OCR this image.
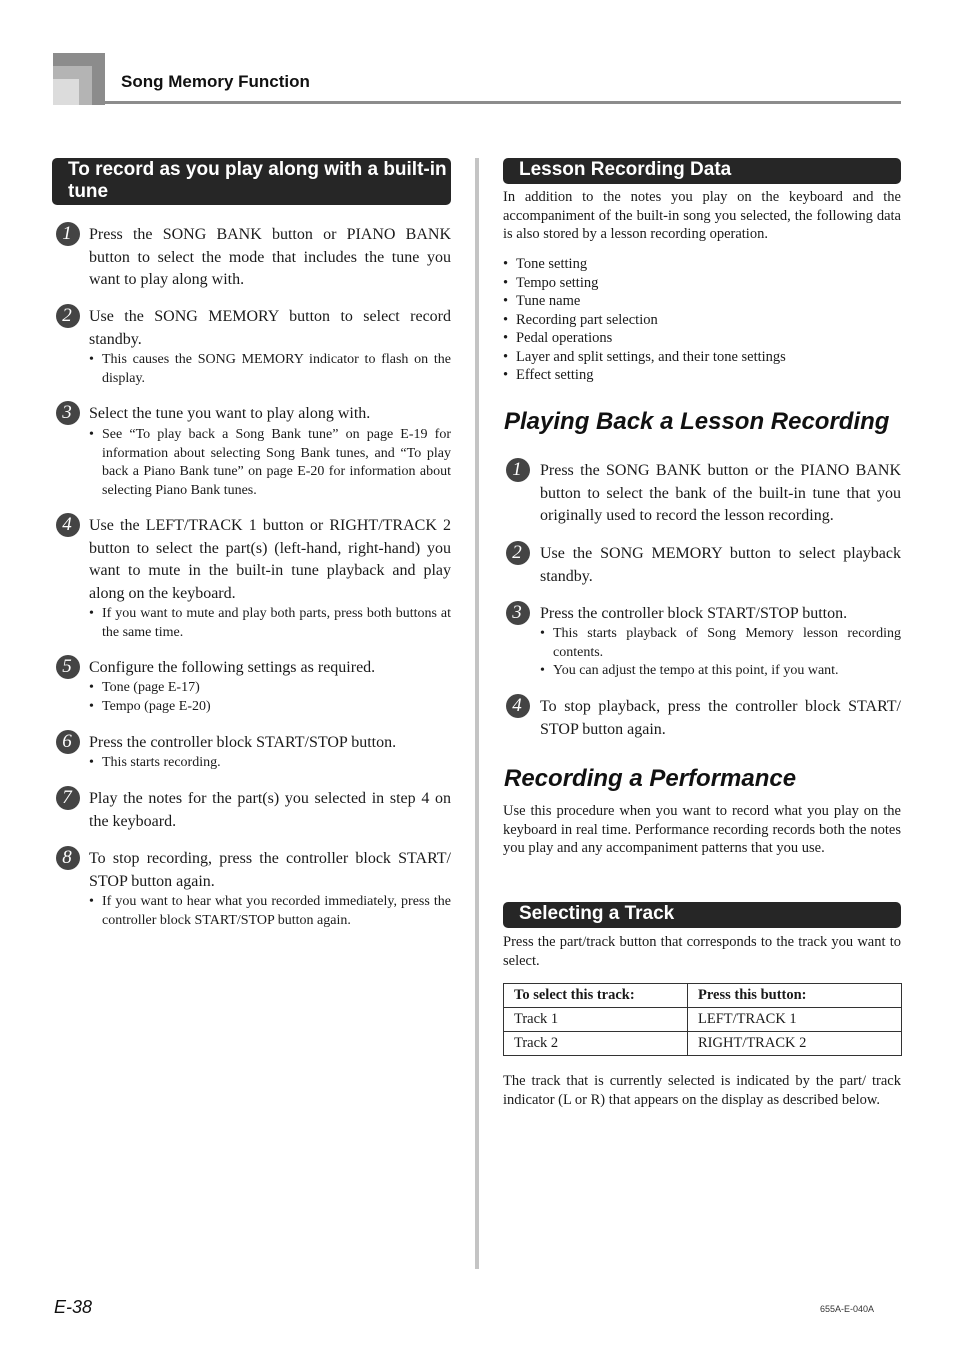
Song Memory Function
To record as you play along with a built-in tune
1	Press the SONG BANK button or PIANO BANK button to select the mode that includes the tune you want to play along with.
2	Use the SONG MEMORY button to select record standby.
• This causes the SONG MEMORY indicator to flash on the display.
3	Select the tune you want to play along with.
• See “To play back a Song Bank tune” on page E-19 for information about selecting Song Bank tunes, and “To play back a Piano Bank tune” on page E-20 for information about selecting Piano Bank tunes.
4	Use the LEFT/TRACK 1 button or RIGHT/TRACK 2 button to select the part(s) (left-hand, right-hand) you want to mute in the built-in tune playback and play along on the keyboard.
• If you want to mute and play both parts, press both buttons at the same time.
5	Configure the following settings as required.
• Tone (page E-17)
• Tempo (page E-20)
6	Press the controller block START/STOP button.
• This starts recording.
7	Play the notes for the part(s) you selected in step 4 on the keyboard.
8	To stop recording, press the controller block START/ STOP button again.
• If you want to hear what you recorded immediately, press the controller block START/STOP button again.
Lesson Recording Data
In addition to the notes you play on the keyboard and the accompaniment of the built-in song you selected, the following data is also stored by a lesson recording operation.
• Tone setting
• Tempo setting
• Tune name
• Recording part selection
• Pedal operations
• Layer and split settings, and their tone settings
• Effect setting
Playing Back a Lesson Recording
1	Press the SONG BANK button or the PIANO BANK button to select the bank of the built-in tune that you originally used to record the lesson recording.
2	Use the SONG MEMORY button to select playback standby.
3	Press the controller block START/STOP button.
• This starts playback of Song Memory lesson recording contents.
• You can adjust the tempo at this point, if you want.
4	To stop playback, press the controller block START/ STOP button again.
Recording a Performance
Use this procedure when you want to record what you play on the keyboard in real time. Performance recording records both the notes you play and any accompaniment patterns that you use.
Selecting a Track
Press the part/track button that corresponds to the track you want to select.
To select this track:	Press this button:
Track 1	LEFT/TRACK 1
Track 2	RIGHT/TRACK 2
The track that is currently selected is indicated by the part/ track indicator (L or R) that appears on the display as described below.
E-38	655A-E-040A
